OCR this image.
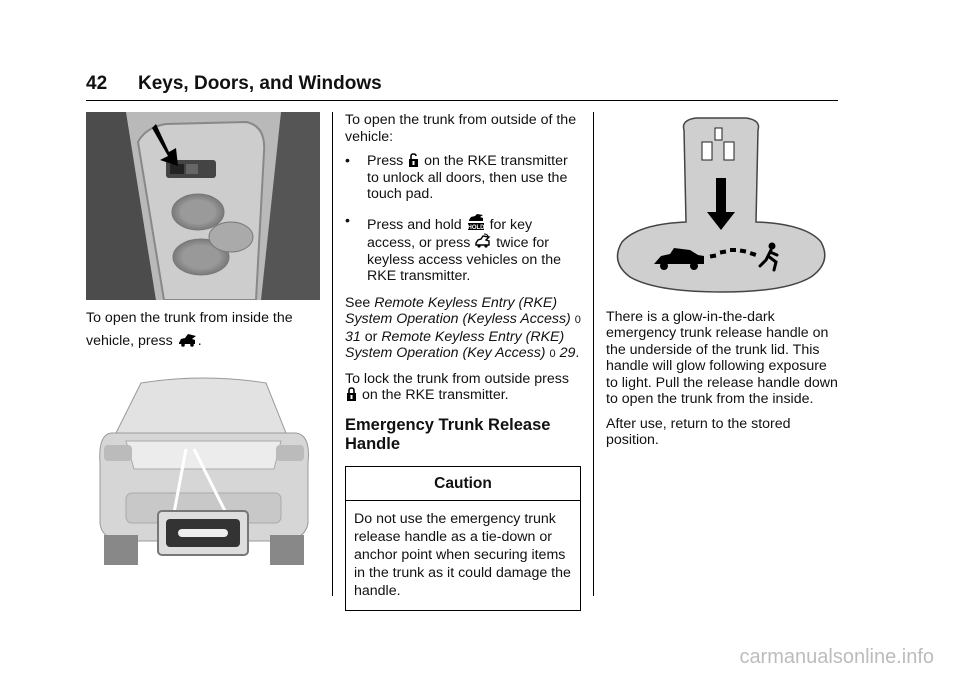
42 Keys, Doors, and Windows

To open the trunk from inside the
vehicle, press .

To open the trunk from outside of the vehicle:

• Press on the RKE transmitter to unlock all doors, then use the touch pad.
• Press and hold HOLD for key access, or press twice for keyless access vehicles on the RKE transmitter.

See Remote Keyless Entry (RKE) System Operation (Keyless Access) 0 31 or Remote Keyless Entry (RKE) System Operation (Key Access) 0 29.

To lock the trunk from outside press  on the RKE transmitter.

Emergency Trunk Release Handle
Caution
Do not use the emergency trunk release handle as a tie-down or anchor point when securing items in the trunk as it could damage the handle.

There is a glow-in-the-dark emergency trunk release handle on the underside of the trunk lid. This handle will glow following exposure to light. Pull the release handle down to open the trunk from the inside.

After use, return to the stored position.

carmanualsonline.info
